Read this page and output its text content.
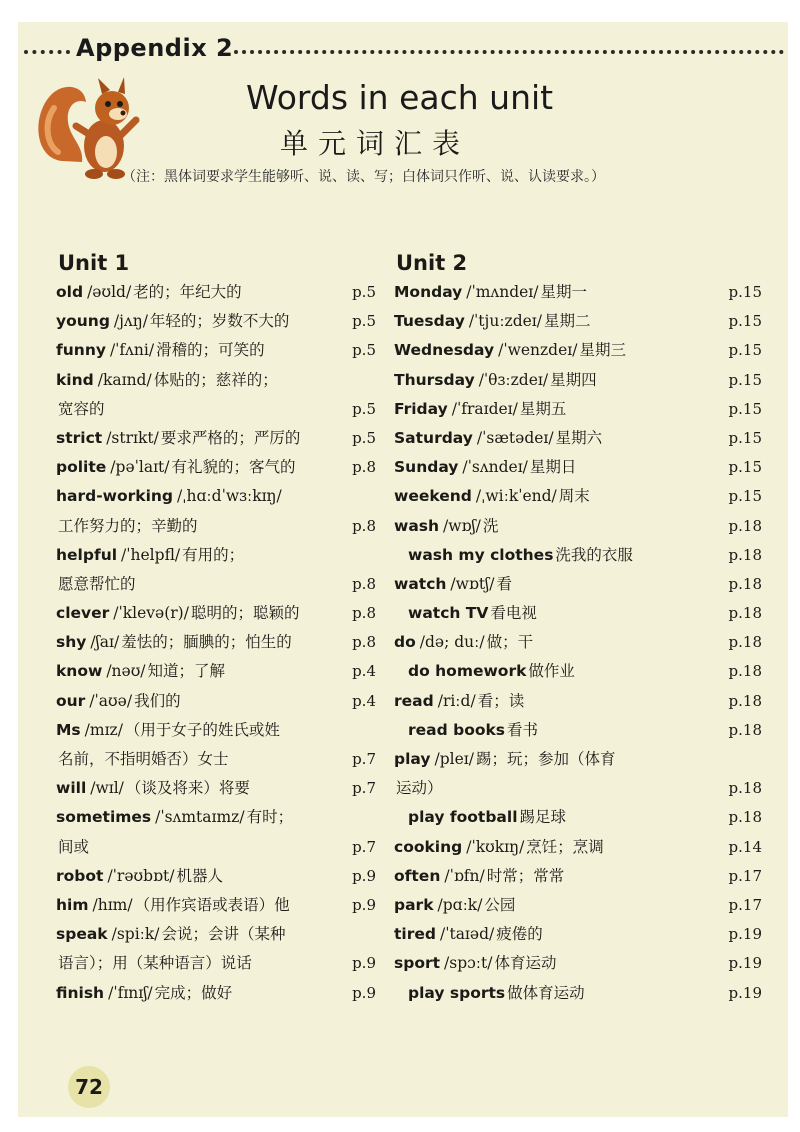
Appendix 2
Words in each unit
单元词汇表
（注：黑体词要求学生能够听、说、读、写；白体词只作听、说、认读要求。）
Unit 1
old /əʊld/ 老的；年纪大的	p.5
young /jʌŋ/ 年轻的；岁数不大的	p.5
funny /ˈfʌni/ 滑稽的；可笑的	p.5
kind /kaɪnd/ 体贴的；慈祥的；
宽容的	p.5
strict /strɪkt/ 要求严格的；严厉的	p.5
polite /pəˈlaɪt/ 有礼貌的；客气的	p.8
hard-working /ˌhɑːdˈwɜːkɪŋ/
工作努力的；辛勤的	p.8
helpful /ˈhelpfl/ 有用的；
愿意帮忙的	p.8
clever /ˈklevə(r)/ 聪明的；聪颖的	p.8
shy /ʃaɪ/ 羞怯的；腼腆的；怕生的	p.8
know /nəʊ/ 知道；了解	p.4
our /ˈaʊə/ 我们的	p.4
Ms /mɪz/ （用于女子的姓氏或姓
名前，不指明婚否）女士	p.7
will /wɪl/ （谈及将来）将要	p.7
sometimes /ˈsʌmtaɪmz/ 有时；
间或	p.7
robot /ˈrəʊbɒt/ 机器人	p.9
him /hɪm/ （用作宾语或表语）他	p.9
speak /spiːk/ 会说；会讲（某种
语言）；用（某种语言）说话	p.9
finish /ˈfɪnɪʃ/ 完成；做好	p.9
Unit 2
Monday /ˈmʌndeɪ/ 星期一	p.15
Tuesday /ˈtjuːzdeɪ/ 星期二	p.15
Wednesday /ˈwenzdeɪ/ 星期三	p.15
Thursday /ˈθɜːzdeɪ/ 星期四	p.15
Friday /ˈfraɪdeɪ/ 星期五	p.15
Saturday /ˈsætədeɪ/ 星期六	p.15
Sunday /ˈsʌndeɪ/ 星期日	p.15
weekend /ˌwiːkˈend/ 周末	p.15
wash /wɒʃ/ 洗	p.18
wash my clothes 洗我的衣服	p.18
watch /wɒtʃ/ 看	p.18
watch TV 看电视	p.18
do /də; duː/ 做；干	p.18
do homework 做作业	p.18
read /riːd/ 看；读	p.18
read books 看书	p.18
play /pleɪ/ 踢；玩；参加（体育
运动）	p.18
play football 踢足球	p.18
cooking /ˈkʊkɪŋ/ 烹饪；烹调	p.14
often /ˈɒfn/ 时常；常常	p.17
park /pɑːk/ 公园	p.17
tired /ˈtaɪəd/ 疲倦的	p.19
sport /spɔːt/ 体育运动	p.19
play sports 做体育运动	p.19
72
